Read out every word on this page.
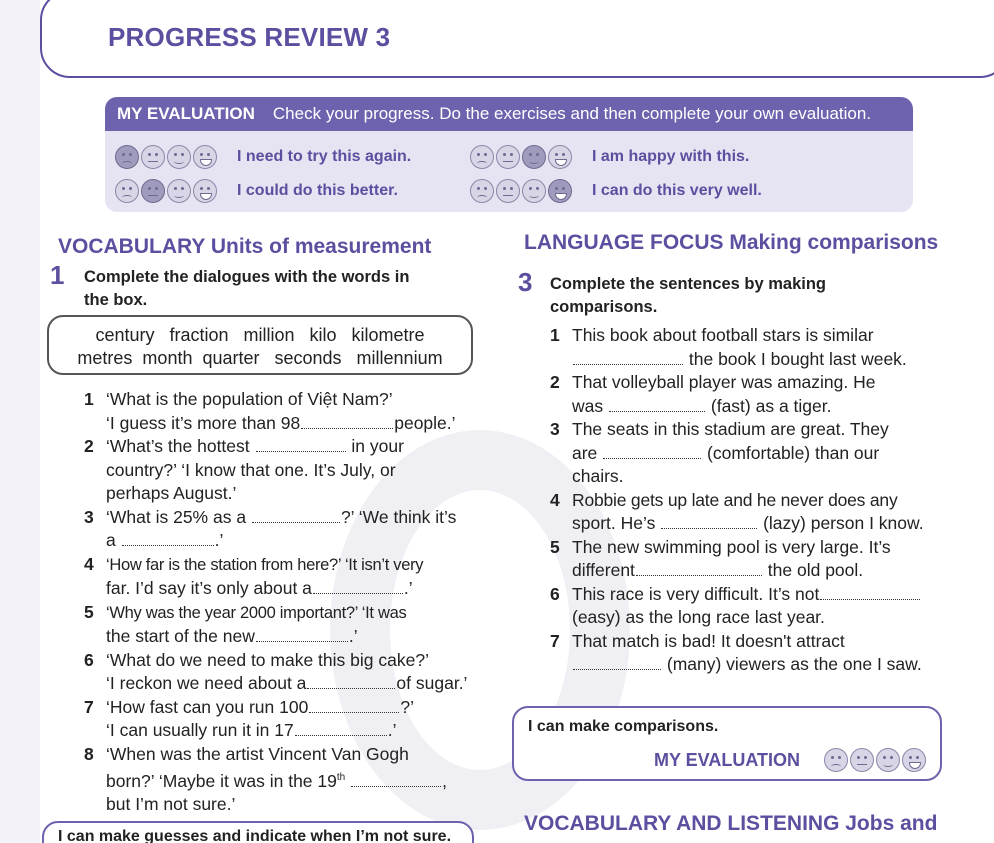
PROGRESS REVIEW 3
MY EVALUATION Check your progress. Do the exercises and then complete your own evaluation.
I need to try this again.
I could do this better.
I am happy with this.
I can do this very well.
VOCABULARY Units of measurement
1 Complete the dialogues with the words in
the box.
century   fraction   million   kilo   kilometre
metres  month  quarter   seconds   millennium
1 ‘What is the population of Việt Nam?’
‘I guess it’s more than 98	people.’
2 ‘What’s the hottest	in your
country?’ ‘I know that one. It’s July, or
perhaps August.’
3 ‘What is 25% as a	?’ ‘We think it’s
a	.’
4 ‘How far is the station from here?’ ‘It isn’t very
far. I’d say it’s only about a	.’
5 ‘Why was the year 2000 important?’ ‘It was
the start of the new	.’
6 ‘What do we need to make this big cake?’
‘I reckon we need about a	of sugar.’
7 ‘How fast can you run 100	?’
‘I can usually run it in 17	.’
8 ‘When was the artist Vincent Van Gogh
born?’ ‘Maybe it was in the 19th	,
but I’m not sure.’
I can make guesses and indicate when I’m not sure.
LANGUAGE FOCUS Making comparisons
3 Complete the sentences by making
comparisons.
1 This book about football stars is similar
the book I bought last week.
2 That volleyball player was amazing. He
was	(fast) as a tiger.
3 The seats in this stadium are great. They
are	(comfortable) than our
chairs.
4 Robbie gets up late and he never does any
sport. He’s	(lazy) person I know.
5 The new swimming pool is very large. It’s
different	the old pool.
6 This race is very difficult. It’s not
(easy) as the long race last year.
7 That match is bad! It doesn't attract
(many) viewers as the one I saw.
I can make comparisons.
MY EVALUATION
VOCABULARY AND LISTENING Jobs and
